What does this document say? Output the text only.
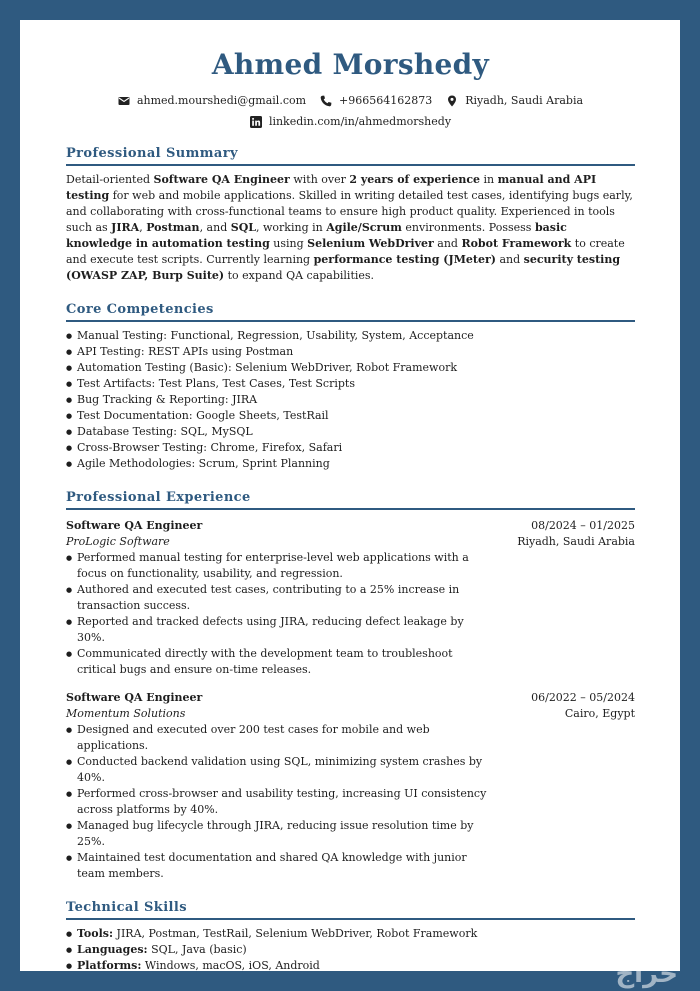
Ahmed Morshedy
ahmed.mourshedi@gmail.com	+966564162873	Riyadh, Saudi Arabia
linkedin.com/in/ahmedmorshedy
Professional Summary
Detail-oriented Software QA Engineer with over 2 years of experience in manual and API testing for web and mobile applications. Skilled in writing detailed test cases, identifying bugs early, and collaborating with cross-functional teams to ensure high product quality. Experienced in tools such as JIRA, Postman, and SQL, working in Agile/Scrum environments. Possess basic knowledge in automation testing using Selenium WebDriver and Robot Framework to create and execute test scripts. Currently learning performance testing (JMeter) and security testing (OWASP ZAP, Burp Suite) to expand QA capabilities.
Core Competencies
● Manual Testing: Functional, Regression, Usability, System, Acceptance
● API Testing: REST APIs using Postman
● Automation Testing (Basic): Selenium WebDriver, Robot Framework
● Test Artifacts: Test Plans, Test Cases, Test Scripts
● Bug Tracking & Reporting: JIRA
● Test Documentation: Google Sheets, TestRail
● Database Testing: SQL, MySQL
● Cross-Browser Testing: Chrome, Firefox, Safari
● Agile Methodologies: Scrum, Sprint Planning
Professional Experience
Software QA Engineer	08/2024 – 01/2025
ProLogic Software	Riyadh, Saudi Arabia
● Performed manual testing for enterprise-level web applications with a focus on functionality, usability, and regression.
● Authored and executed test cases, contributing to a 25% increase in transaction success.
● Reported and tracked defects using JIRA, reducing defect leakage by 30%.
● Communicated directly with the development team to troubleshoot critical bugs and ensure on-time releases.
Software QA Engineer	06/2022 – 05/2024
Momentum Solutions	Cairo, Egypt
● Designed and executed over 200 test cases for mobile and web applications.
● Conducted backend validation using SQL, minimizing system crashes by 40%.
● Performed cross-browser and usability testing, increasing UI consistency across platforms by 40%.
● Managed bug lifecycle through JIRA, reducing issue resolution time by 25%.
● Maintained test documentation and shared QA knowledge with junior team members.
Technical Skills
● Tools: JIRA, Postman, TestRail, Selenium WebDriver, Robot Framework
● Languages: SQL, Java (basic)
● Platforms: Windows, macOS, iOS, Android	حراج
